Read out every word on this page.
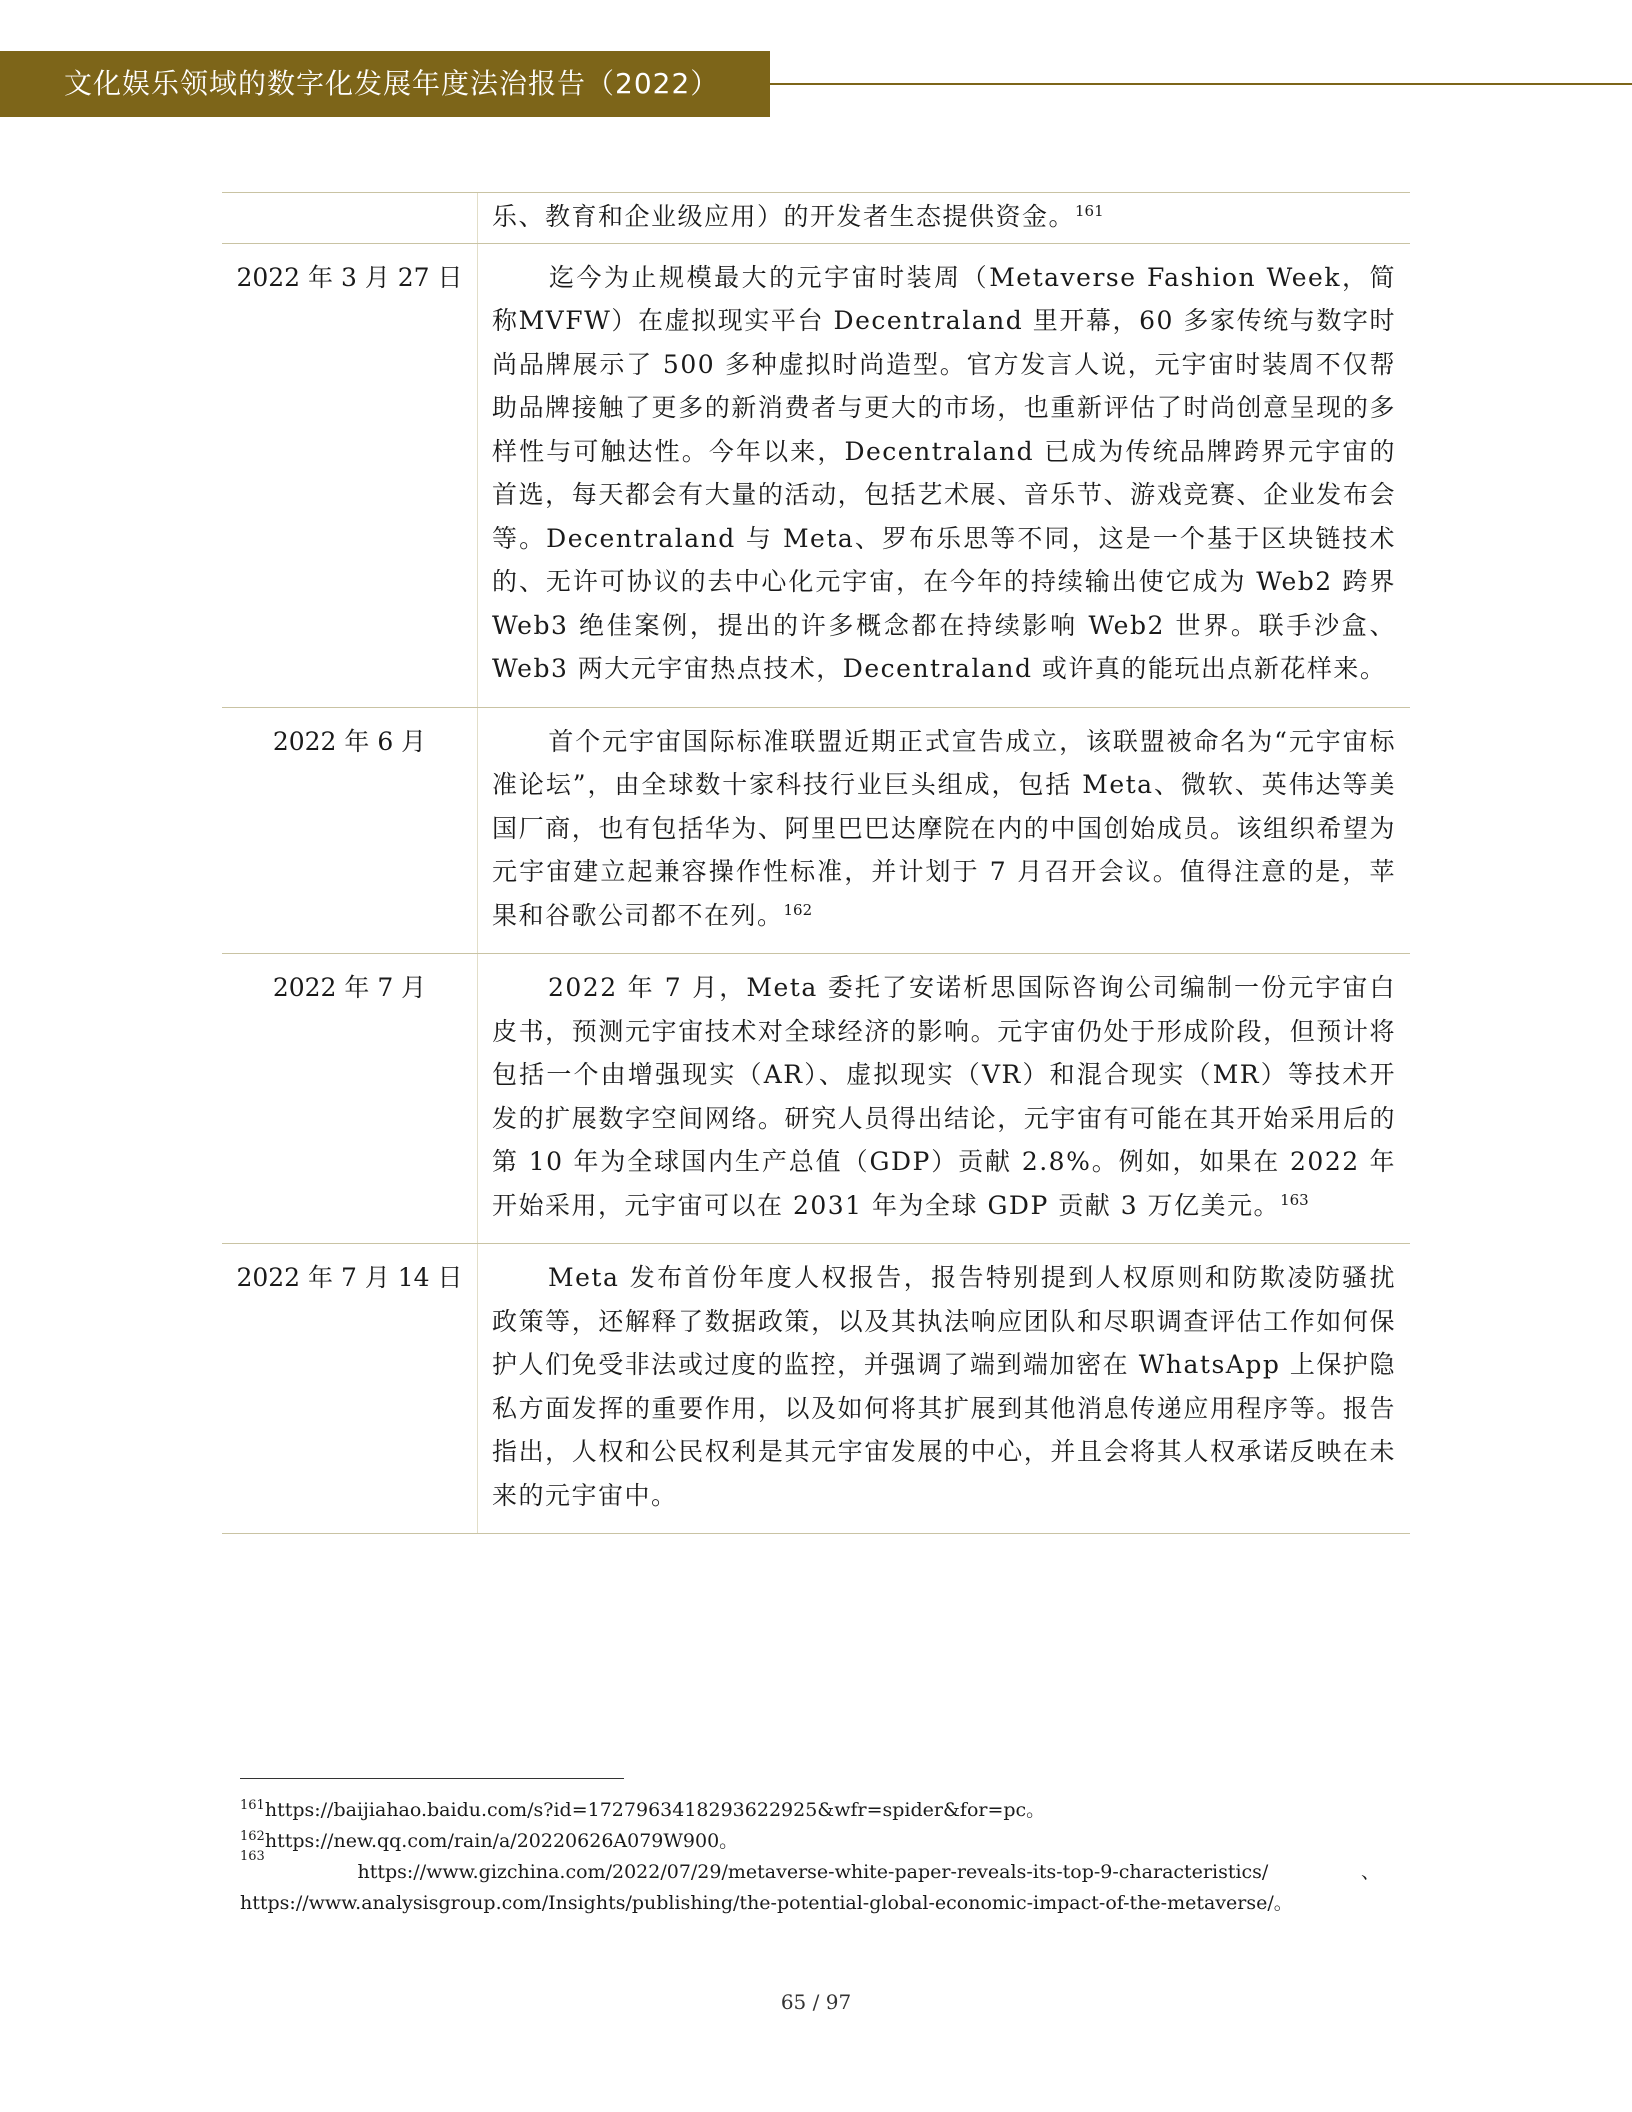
文化娱乐领域的数字化发展年度法治报告（2022）
乐、教育和企业级应用）的开发者生态提供资金。$^{161}$
2022 年 3 月 27 日	迄今为止规模最大的元宇宙时装周（Metaverse Fashion Week，简称MVFW）在虚拟现实平台 Decentraland 里开幕，60 多家传统与数字时尚品牌展示了 500 多种虚拟时尚造型。官方发言人说，元宇宙时装周不仅帮助品牌接触了更多的新消费者与更大的市场，也重新评估了时尚创意呈现的多样性与可触达性。今年以来，Decentraland 已成为传统品牌跨界元宇宙的首选，每天都会有大量的活动，包括艺术展、音乐节、游戏竞赛、企业发布会等。Decentraland 与 Meta、罗布乐思等不同，这是一个基于区块链技术的、无许可协议的去中心化元宇宙，在今年的持续输出使它成为 Web2 跨界 Web3 绝佳案例，提出的许多概念都在持续影响 Web2 世界。联手沙盒、Web3 两大元宇宙热点技术，Decentraland 或许真的能玩出点新花样来。
2022 年 6 月	首个元宇宙国际标准联盟近期正式宣告成立，该联盟被命名为“元宇宙标准论坛”，由全球数十家科技行业巨头组成，包括 Meta、微软、英伟达等美国厂商，也有包括华为、阿里巴巴达摩院在内的中国创始成员。该组织希望为元宇宙建立起兼容操作性标准，并计划于 7 月召开会议。值得注意的是，苹果和谷歌公司都不在列。$^{162}$
2022 年 7 月	2022 年 7 月，Meta 委托了安诺析思国际咨询公司编制一份元宇宙白皮书，预测元宇宙技术对全球经济的影响。元宇宙仍处于形成阶段，但预计将包括一个由增强现实（AR）、虚拟现实（VR）和混合现实（MR）等技术开发的扩展数字空间网络。研究人员得出结论，元宇宙有可能在其开始采用后的第 10 年为全球国内生产总值（GDP）贡献 2.8%。例如，如果在 2022 年开始采用，元宇宙可以在 2031 年为全球 GDP 贡献 3 万亿美元。$^{163}$
2022 年 7 月 14 日	Meta 发布首份年度人权报告，报告特别提到人权原则和防欺凌防骚扰政策等，还解释了数据政策，以及其执法响应团队和尽职调查评估工作如何保护人们免受非法或过度的监控，并强调了端到端加密在 WhatsApp 上保护隐私方面发挥的重要作用，以及如何将其扩展到其他消息传递应用程序等。报告指出，人权和公民权利是其元宇宙发展的中心，并且会将其人权承诺反映在未来的元宇宙中。
$^{161}$https://baijiahao.baidu.com/s?id=1727963418293622925&wfr=spider&for=pc。
$^{162}$https://new.qq.com/rain/a/20220626A079W900。
163
https://www.gizchina.com/2022/07/29/metaverse-white-paper-reveals-its-top-9-characteristics/	、
https://www.analysisgroup.com/Insights/publishing/the-potential-global-economic-impact-of-the-metaverse/。
65 / 97
